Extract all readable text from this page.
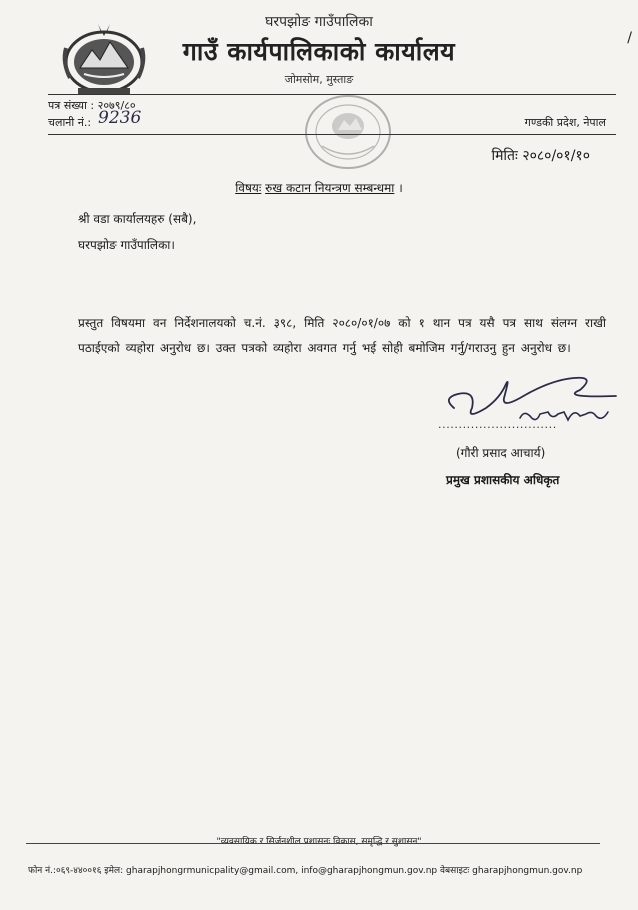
घरपझोङ गाउँपालिका
गाउँ कार्यपालिकाको कार्यालय
जोमसोम, मुस्ताङ
पत्र संख्या : २०७९/८०
चलानी नं.: 9236	गण्डकी प्रदेश, नेपाल
मितिः २०८०/०१/१०
विषयः रुख कटान नियन्त्रण सम्बन्धमा ।
श्री वडा कार्यालयहरु (सबै),
घरपझोङ गाउँपालिका।
प्रस्तुत विषयमा वन निर्देशनालयको च.नं. ३९८, मिति २०८०/०१/०७ को १ थान पत्र यसै पत्र साथ संलग्न राखी पठाईएको व्यहोरा अनुरोध छ। उक्त पत्रको व्यहोरा अवगत गर्नु भई सोही बमोजिम गर्नु/गराउनु हुन अनुरोध छ।
.............................
(गौरी प्रसाद आचार्य)
प्रमुख प्रशासकीय अधिकृत
"व्यवसायिक र सिर्जनशील प्रशासनः विकास, समृद्धि र सुशासन"
फोन नं.:०६९-४४००१६ इमेल: gharapjhongrmunicpality@gmail.com, info@gharapjhongmun.gov.np वेबसाइटः gharapjhongmun.gov.np
/
